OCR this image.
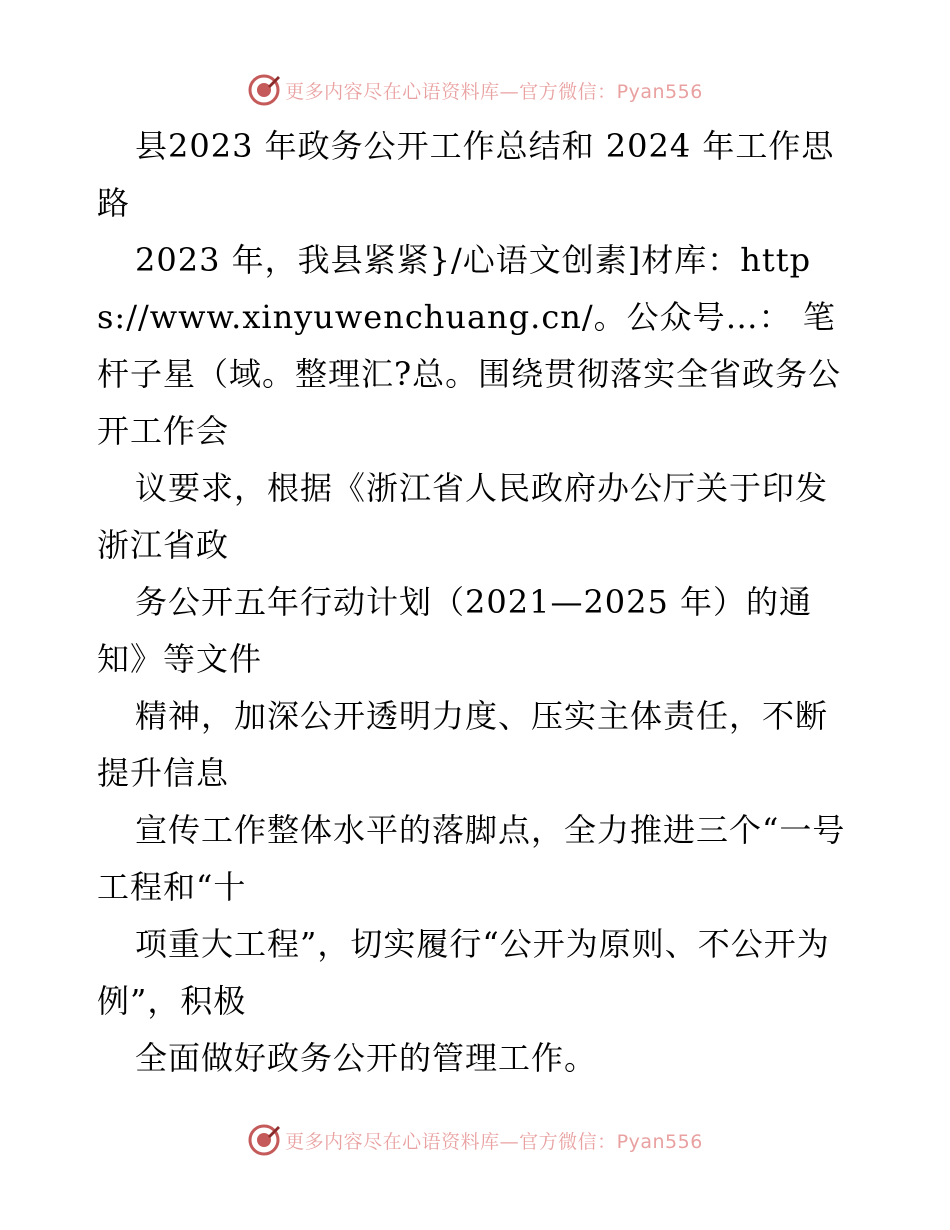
更多内容尽在心语资料库—官方微信：Pyan556

县2023 年政务公开工作总结和 2024 年工作思路

2023 年，我县紧紧}/心语文创素]材库：https://www.xinyuwenchuang.cn/。公众号…： 笔杆子星（域。整理汇?总。围绕贯彻落实全省政务公开工作会

议要求，根据《浙江省人民政府办公厅关于印发浙江省政

务公开五年行动计划（2021—2025 年）的通知》等文件

精神，加深公开透明力度、压实主体责任，不断提升信息

宣传工作整体水平的落脚点，全力推进三个“一号工程和“十

项重大工程”，切实履行“公开为原则、不公开为例”，积极

全面做好政务公开的管理工作。

更多内容尽在心语资料库—官方微信：Pyan556
